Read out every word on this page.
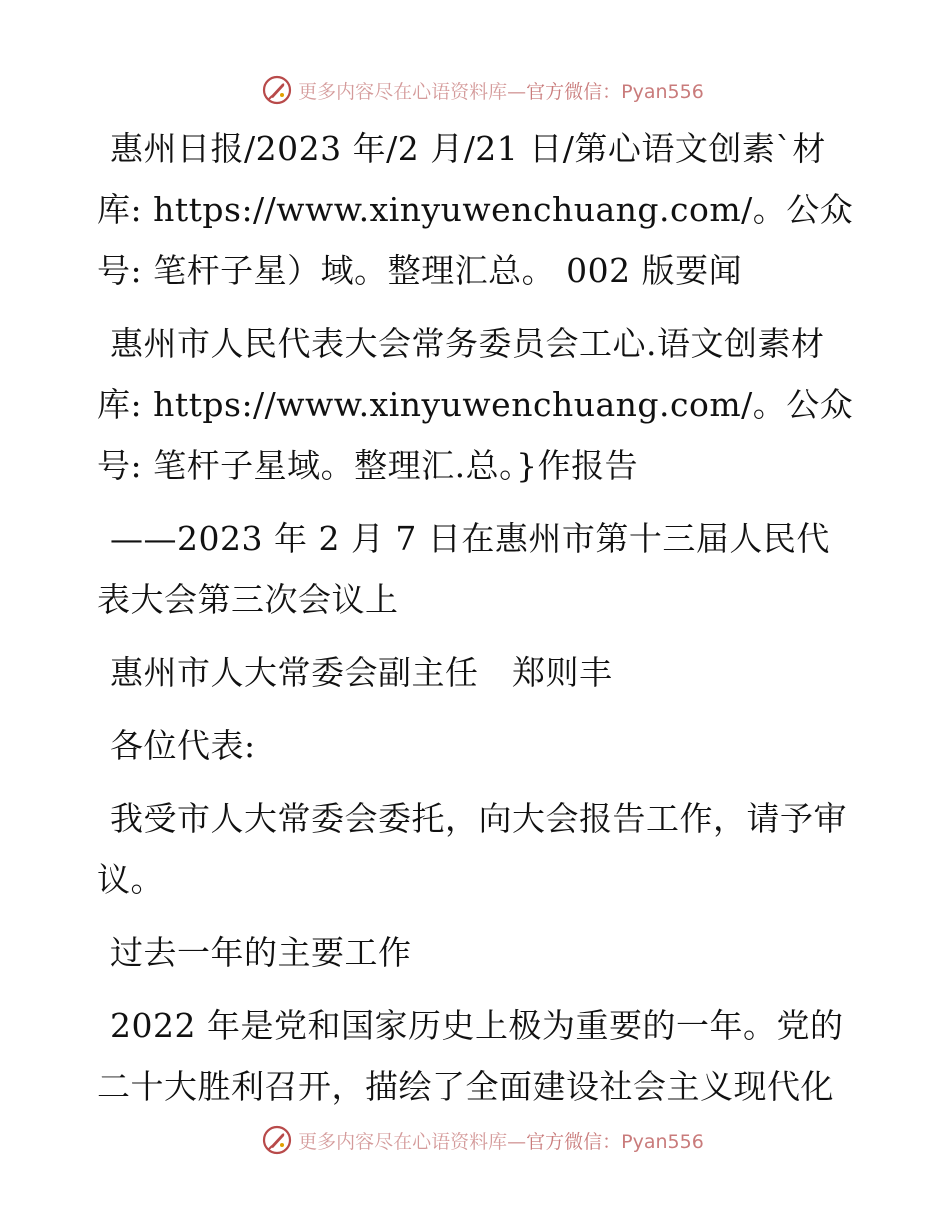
更多内容尽在心语资料库—官方微信：Pyan556

惠州日报/2023 年/2 月/21 日/第心语文创素`材库: https://www.xinyuwenchuang.com/。公众号: 笔杆子星）域。整理汇总。 002 版要闻

惠州市人民代表大会常务委员会工心.语文创素材库: https://www.xinyuwenchuang.com/。公众号: 笔杆子星域。整理汇.总。}作报告

——2023 年 2 月 7 日在惠州市第十三届人民代表大会第三次会议上

惠州市人大常委会副主任　郑则丰

各位代表:

我受市人大常委会委托，向大会报告工作，请予审议。

过去一年的主要工作

2022 年是党和国家历史上极为重要的一年。党的二十大胜利召开，描绘了全面建设社会主义现代化

更多内容尽在心语资料库—官方微信：Pyan556
